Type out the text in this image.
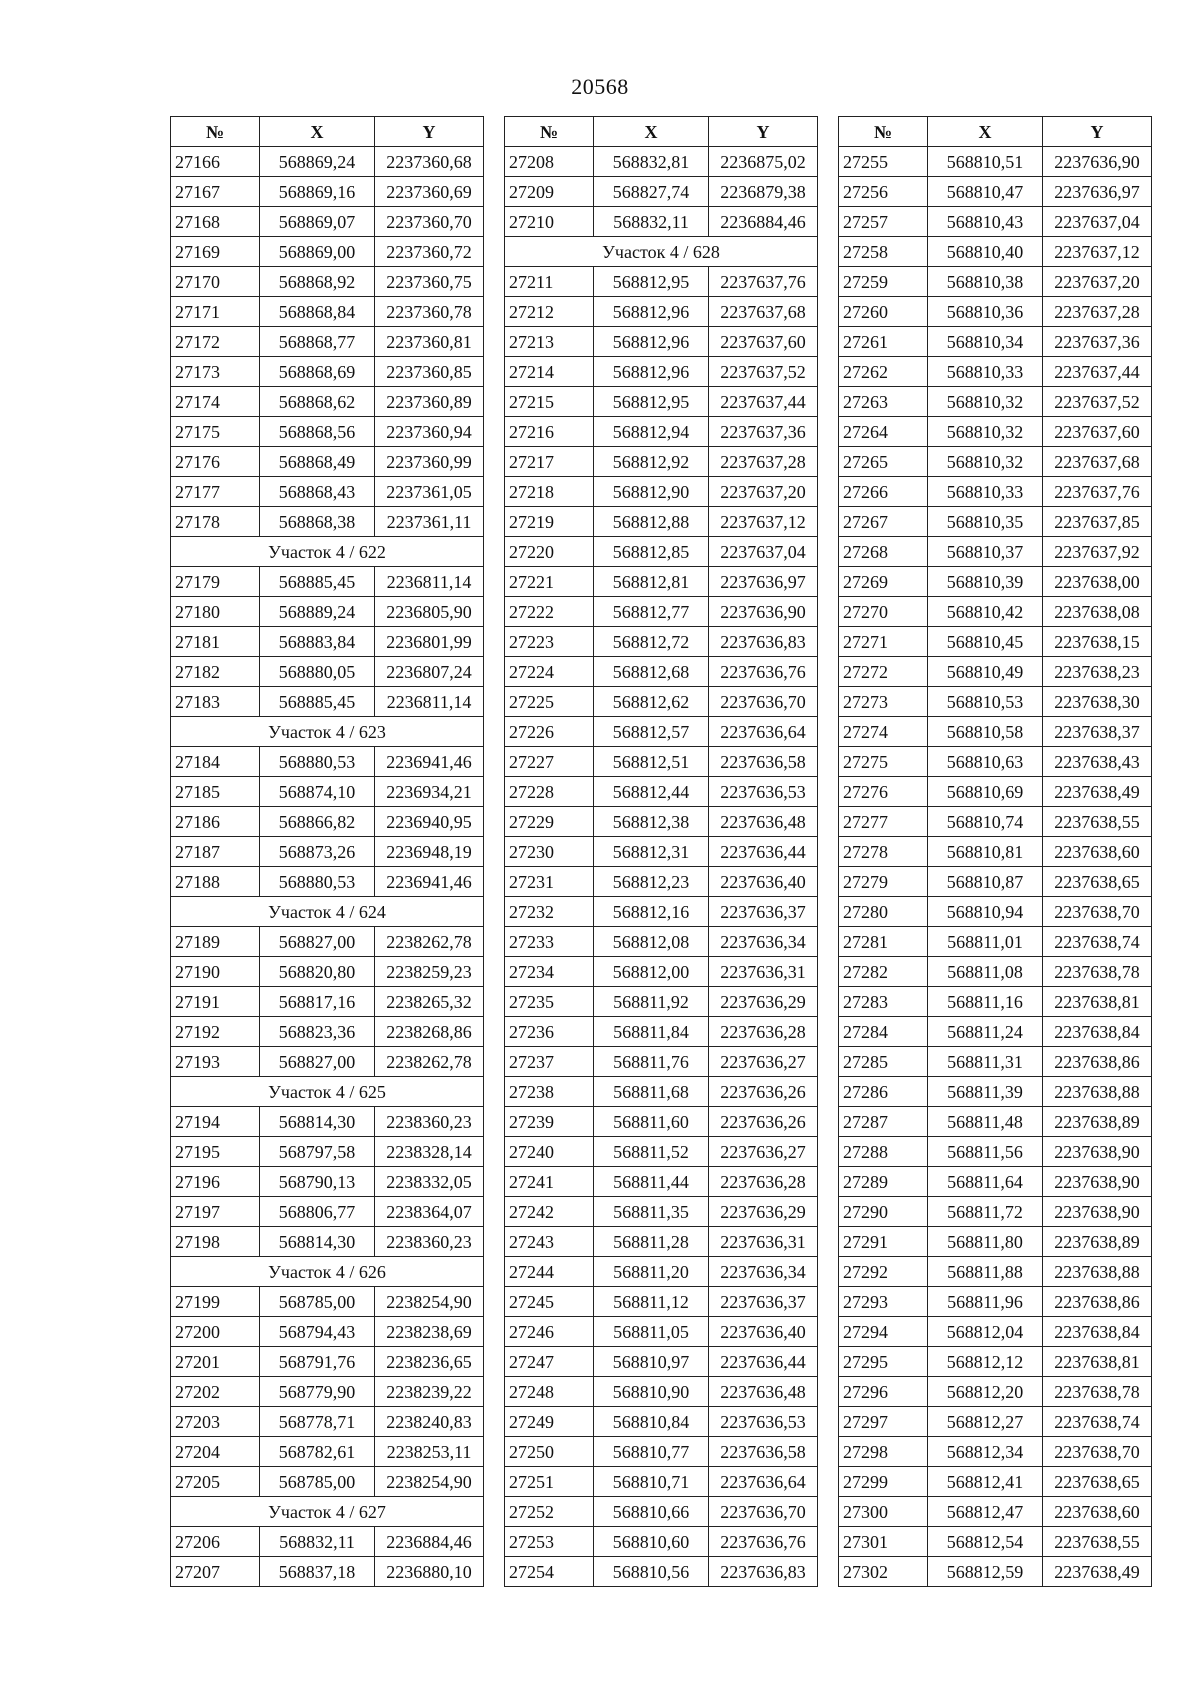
20568
№	X	Y
27166	568869,24	2237360,68
27167	568869,16	2237360,69
27168	568869,07	2237360,70
27169	568869,00	2237360,72
27170	568868,92	2237360,75
27171	568868,84	2237360,78
27172	568868,77	2237360,81
27173	568868,69	2237360,85
27174	568868,62	2237360,89
27175	568868,56	2237360,94
27176	568868,49	2237360,99
27177	568868,43	2237361,05
27178	568868,38	2237361,11
Участок 4 / 622		
27179	568885,45	2236811,14
27180	568889,24	2236805,90
27181	568883,84	2236801,99
27182	568880,05	2236807,24
27183	568885,45	2236811,14
Участок 4 / 623		
27184	568880,53	2236941,46
27185	568874,10	2236934,21
27186	568866,82	2236940,95
27187	568873,26	2236948,19
27188	568880,53	2236941,46
Участок 4 / 624		
27189	568827,00	2238262,78
27190	568820,80	2238259,23
27191	568817,16	2238265,32
27192	568823,36	2238268,86
27193	568827,00	2238262,78
Участок 4 / 625		
27194	568814,30	2238360,23
27195	568797,58	2238328,14
27196	568790,13	2238332,05
27197	568806,77	2238364,07
27198	568814,30	2238360,23
Участок 4 / 626		
27199	568785,00	2238254,90
27200	568794,43	2238238,69
27201	568791,76	2238236,65
27202	568779,90	2238239,22
27203	568778,71	2238240,83
27204	568782,61	2238253,11
27205	568785,00	2238254,90
Участок 4 / 627		
27206	568832,11	2236884,46
27207	568837,18	2236880,10
№	X	Y
27208	568832,81	2236875,02
27209	568827,74	2236879,38
27210	568832,11	2236884,46
Участок 4 / 628		
27211	568812,95	2237637,76
27212	568812,96	2237637,68
27213	568812,96	2237637,60
27214	568812,96	2237637,52
27215	568812,95	2237637,44
27216	568812,94	2237637,36
27217	568812,92	2237637,28
27218	568812,90	2237637,20
27219	568812,88	2237637,12
27220	568812,85	2237637,04
27221	568812,81	2237636,97
27222	568812,77	2237636,90
27223	568812,72	2237636,83
27224	568812,68	2237636,76
27225	568812,62	2237636,70
27226	568812,57	2237636,64
27227	568812,51	2237636,58
27228	568812,44	2237636,53
27229	568812,38	2237636,48
27230	568812,31	2237636,44
27231	568812,23	2237636,40
27232	568812,16	2237636,37
27233	568812,08	2237636,34
27234	568812,00	2237636,31
27235	568811,92	2237636,29
27236	568811,84	2237636,28
27237	568811,76	2237636,27
27238	568811,68	2237636,26
27239	568811,60	2237636,26
27240	568811,52	2237636,27
27241	568811,44	2237636,28
27242	568811,35	2237636,29
27243	568811,28	2237636,31
27244	568811,20	2237636,34
27245	568811,12	2237636,37
27246	568811,05	2237636,40
27247	568810,97	2237636,44
27248	568810,90	2237636,48
27249	568810,84	2237636,53
27250	568810,77	2237636,58
27251	568810,71	2237636,64
27252	568810,66	2237636,70
27253	568810,60	2237636,76
27254	568810,56	2237636,83
№	X	Y
27255	568810,51	2237636,90
27256	568810,47	2237636,97
27257	568810,43	2237637,04
27258	568810,40	2237637,12
27259	568810,38	2237637,20
27260	568810,36	2237637,28
27261	568810,34	2237637,36
27262	568810,33	2237637,44
27263	568810,32	2237637,52
27264	568810,32	2237637,60
27265	568810,32	2237637,68
27266	568810,33	2237637,76
27267	568810,35	2237637,85
27268	568810,37	2237637,92
27269	568810,39	2237638,00
27270	568810,42	2237638,08
27271	568810,45	2237638,15
27272	568810,49	2237638,23
27273	568810,53	2237638,30
27274	568810,58	2237638,37
27275	568810,63	2237638,43
27276	568810,69	2237638,49
27277	568810,74	2237638,55
27278	568810,81	2237638,60
27279	568810,87	2237638,65
27280	568810,94	2237638,70
27281	568811,01	2237638,74
27282	568811,08	2237638,78
27283	568811,16	2237638,81
27284	568811,24	2237638,84
27285	568811,31	2237638,86
27286	568811,39	2237638,88
27287	568811,48	2237638,89
27288	568811,56	2237638,90
27289	568811,64	2237638,90
27290	568811,72	2237638,90
27291	568811,80	2237638,89
27292	568811,88	2237638,88
27293	568811,96	2237638,86
27294	568812,04	2237638,84
27295	568812,12	2237638,81
27296	568812,20	2237638,78
27297	568812,27	2237638,74
27298	568812,34	2237638,70
27299	568812,41	2237638,65
27300	568812,47	2237638,60
27301	568812,54	2237638,55
27302	568812,59	2237638,49
